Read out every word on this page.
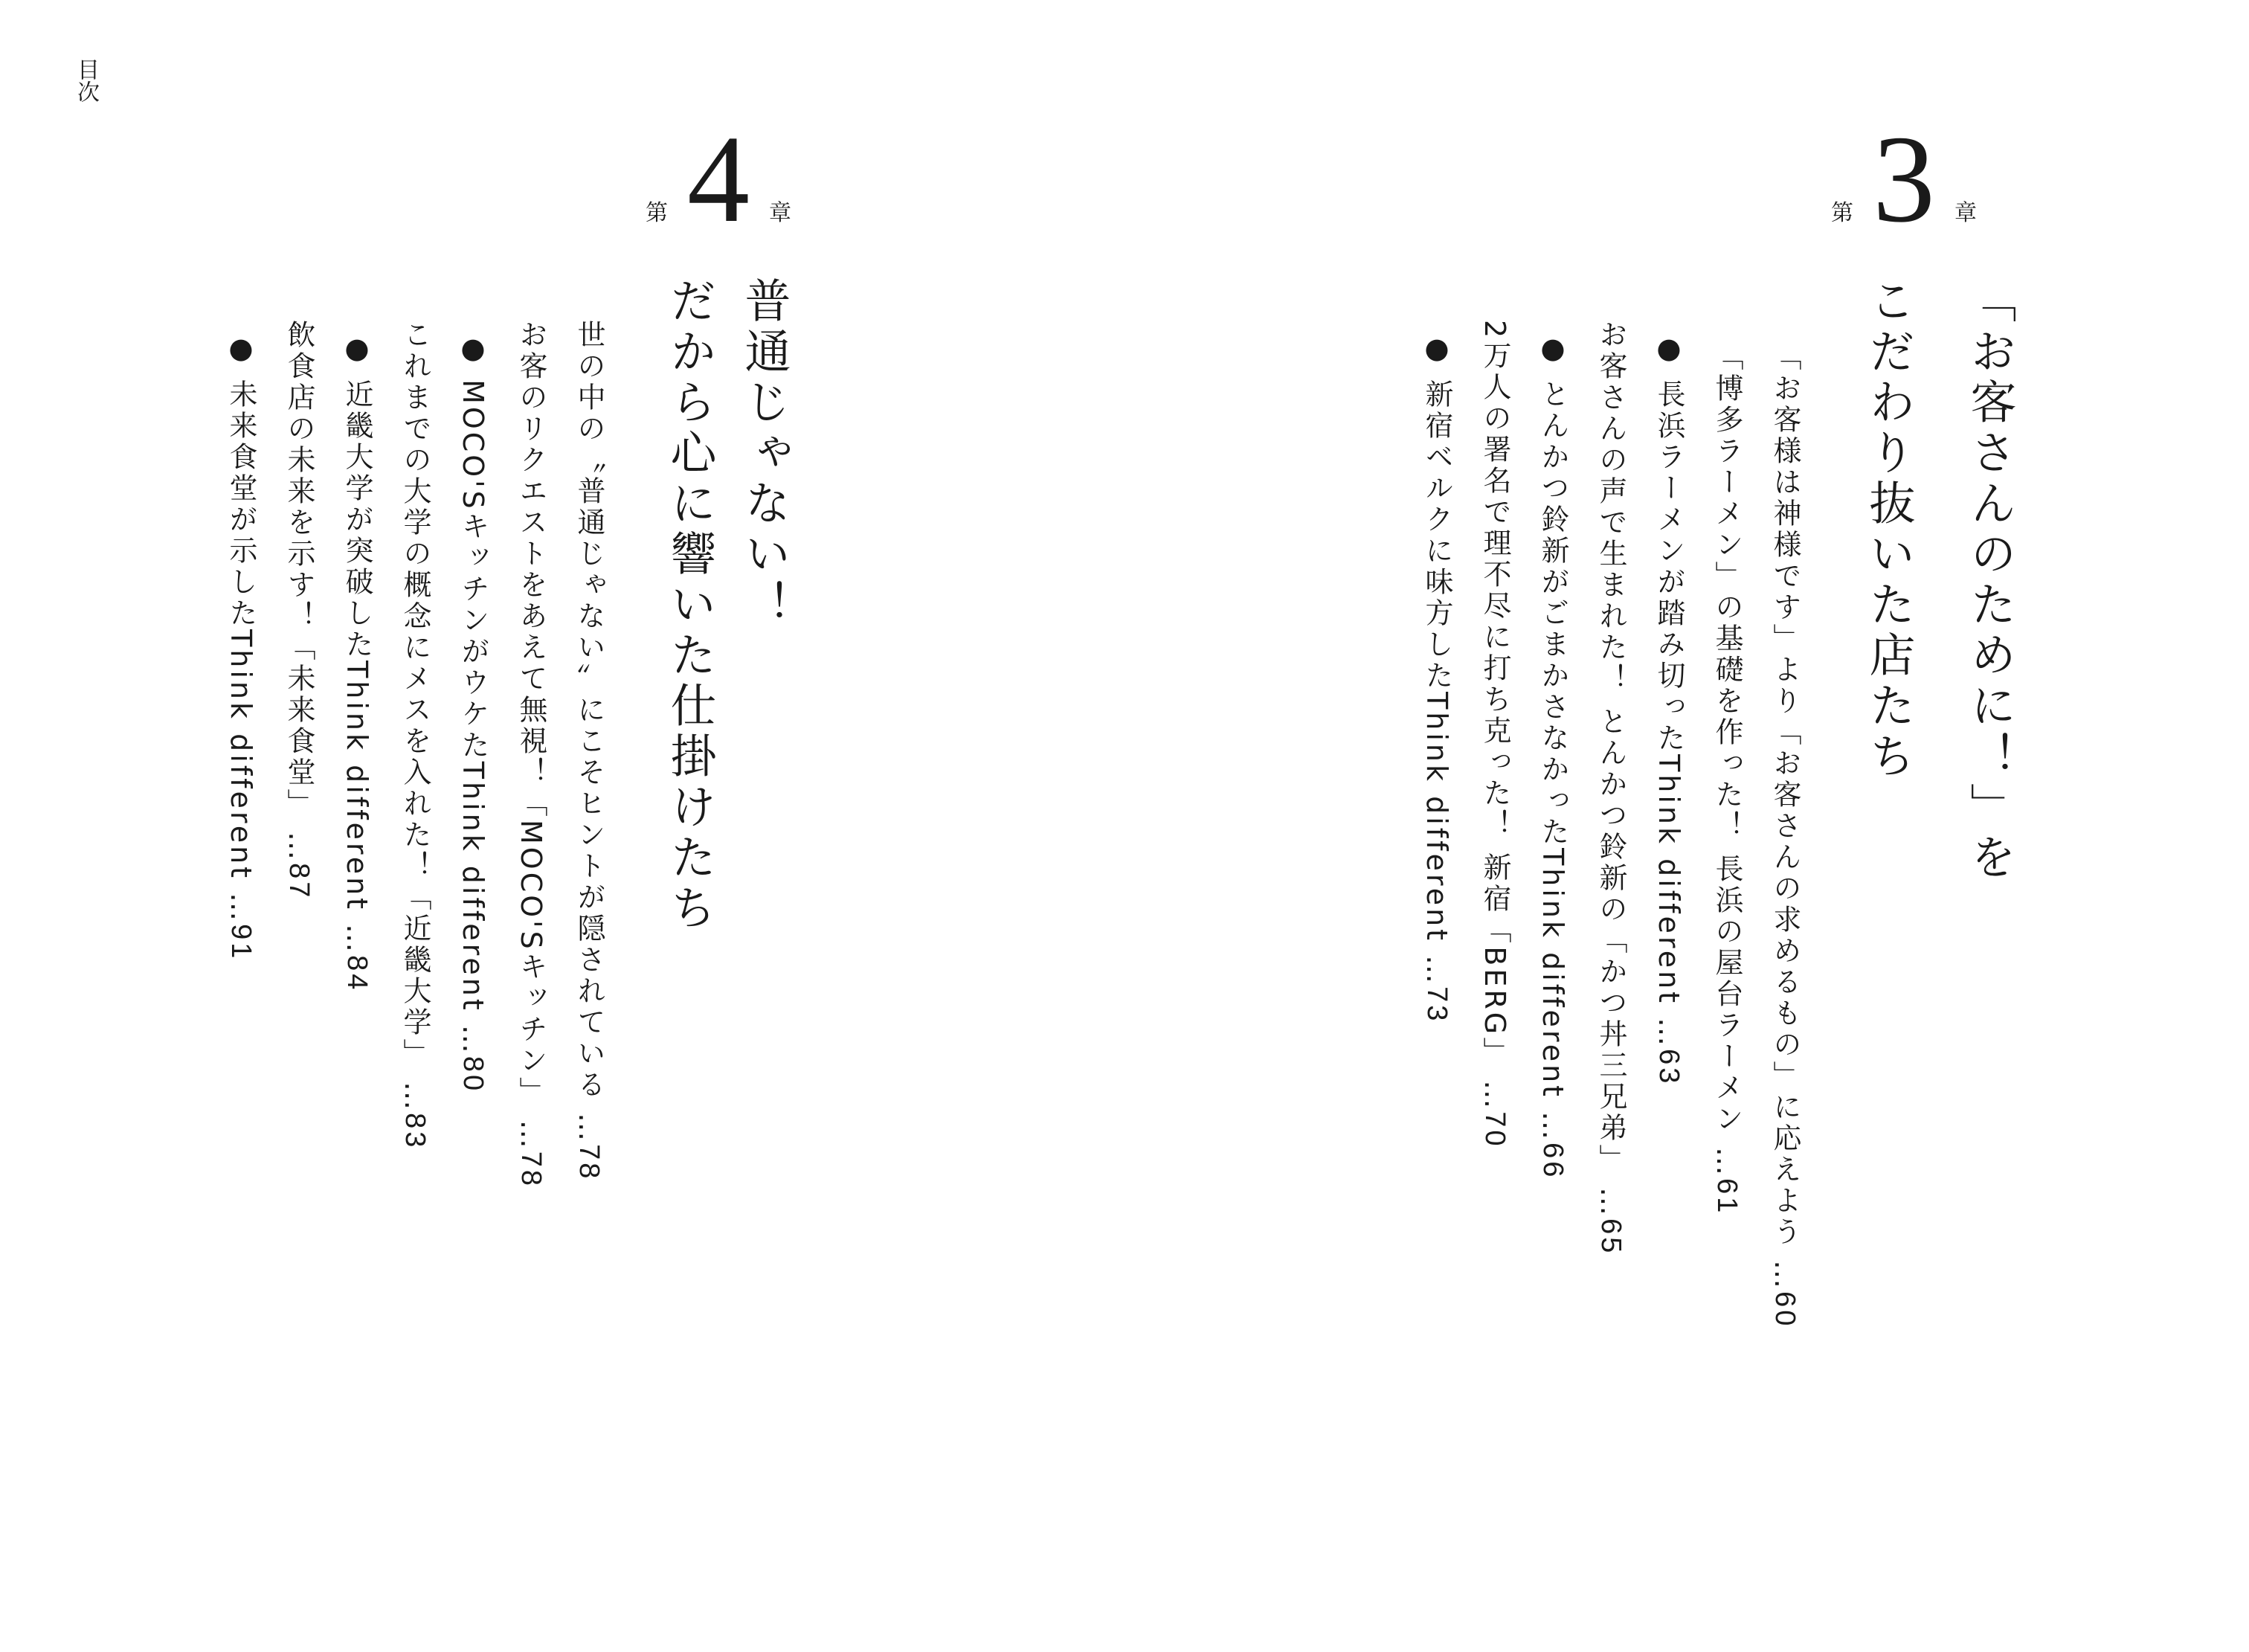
目次
第 3 章
「お客さんのために！」を
こだわり抜いた店たち
「お客様は神様です」より「お客さんの求めるもの」に応えよう …60
「博多ラーメン」の基礎を作った！ 長浜の屋台ラーメン …61
● 長浜ラーメンが踏み切ったThink different …63
お客さんの声で生まれた！ とんかつ鈴新の「かつ丼三兄弟」 …65
● とんかつ鈴新がごまかさなかったThink different …66
2万人の署名で理不尽に打ち克った！ 新宿「BERG」 …70
● 新宿ベルクに味方したThink different …73
第 4 章
普通じゃない！
だから心に響いた仕掛けたち
世の中の〝普通じゃない〟にこそヒントが隠されている …78
お客のリクエストをあえて無視！「MOCO'Sキッチン」 …78
● MOCO'SキッチンがウケたThink different …80
これまでの大学の概念にメスを入れた！「近畿大学」 …83
● 近畿大学が突破したThink different …84
飲食店の未来を示す！「未来食堂」 …87
● 未来食堂が示したThink different …91
